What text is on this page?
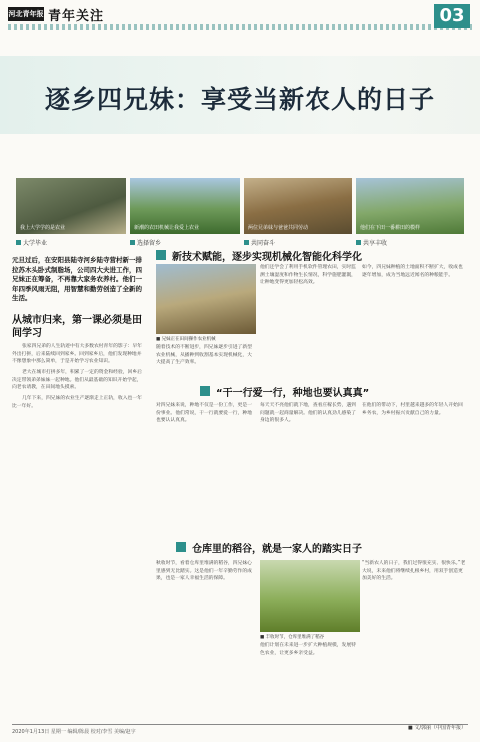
河北青年报 青年关注	03
逐乡四兄妹：享受当新农人的日子
我上大学学的是农业	新潮的农田机械让我爱上农业	两位兄弟妹与爸爸共同劳动	他们在下田一番耕田的模样
大学毕业	选择留乡	共同奋斗	共享丰收

元旦过后，在安阳县陆寺河乡陆寺营村新一排拉苏木头卧式制脂场，公司四大夫进工作，四兄妹正在筹备，不再靠大家务农养村。他们一年四季风雨无阻，用智慧和勤劳创造了全新的生活。

从城市归来，第一课必须是田间学习

张家四兄弟的人生轨迹中有大多数农村青年的影子：早年外出打拼，后来陆续回到家乡。回到家乡后，他们发现种地并不像想象中那么简单，于是开始学习农业知识。

老大在城市打拼多年，积累了一定的资金和经验，回乡后决定带领弟弟妹妹一起种地。他们从最基础的知识开始学起，向老农请教，在田间地头摸索。

几年下来，四兄妹的农业生产逐渐走上正轨，收入也一年比一年好。

新技术赋能，逐步实现机械化智能化科学化
■ 兄妹正在田间操作农业机械

随着技术的不断进步，四兄妹逐步引进了新型农业机械，从播种到收割基本实现机械化，大大提高了生产效率。

他们还学会了利用手机软件管理农田，实时监测土壤湿度和作物生长情况，科学施肥灌溉，让种地变得更加轻松高效。

如今，四兄妹种植的土地面积不断扩大，收成也逐年增加，成为当地远近闻名的种粮能手。

“干一行爱一行，种地也要认真真”

对四兄妹来说，种地不仅是一份工作，更是一份事业。他们常说，干一行就要爱一行，种地也要认认真真。

每天天不亮他们就下地，查看庄稼长势，遇到问题就一起商量解决。他们的认真劲儿感染了身边的很多人。

在他们的带动下，村里越来越多的年轻人开始回乡务农，为乡村振兴贡献自己的力量。

仓库里的稻谷，就是一家人的踏实日子

秋收时节，看着仓库里堆满的稻谷，四兄妹心里感到无比踏实。这是他们一年辛勤劳作的成果，也是一家人幸福生活的保障。

■ 丰收时节，仓库里堆满了稻谷

他们计划在未来进一步扩大种植规模，发展特色农业，让更多乡亲受益。

“当新农人的日子，我们过得很充实、很快乐。”老大说，未来他们将继续扎根乡村，用双手创造更加美好的生活。

■ 文/郭丽（中国青年报）
2020年1月13日 星期一 编辑/陈晨 校对/李雪 美编/赵宇
